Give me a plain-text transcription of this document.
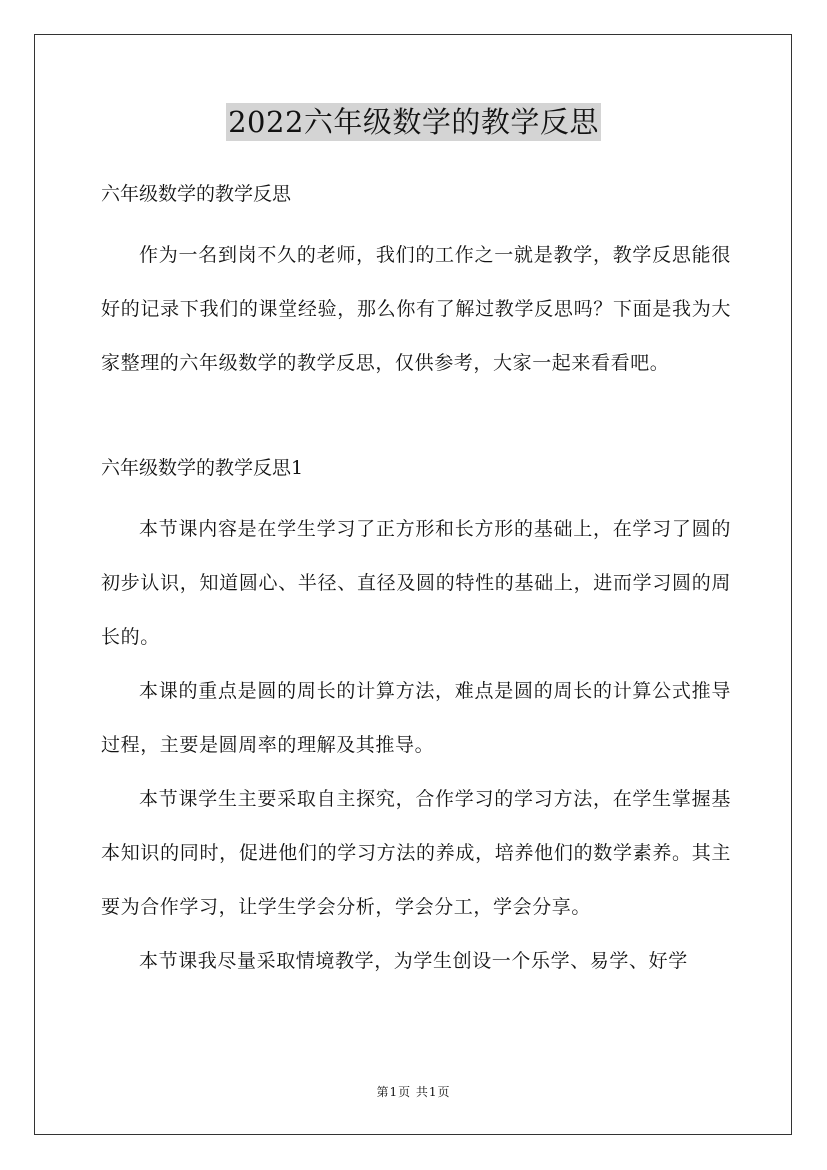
2022六年级数学的教学反思

六年级数学的教学反思

作为一名到岗不久的老师，我们的工作之一就是教学，教学反思能很好的记录下我们的课堂经验，那么你有了解过教学反思吗？下面是我为大家整理的六年级数学的教学反思，仅供参考，大家一起来看看吧。

六年级数学的教学反思1

本节课内容是在学生学习了正方形和长方形的基础上，在学习了圆的初步认识，知道圆心、半径、直径及圆的特性的基础上，进而学习圆的周长的。

本课的重点是圆的周长的计算方法，难点是圆的周长的计算公式推导过程，主要是圆周率的理解及其推导。

本节课学生主要采取自主探究，合作学习的学习方法，在学生掌握基本知识的同时，促进他们的学习方法的养成，培养他们的数学素养。其主要为合作学习，让学生学会分析，学会分工，学会分享。

本节课我尽量采取情境教学，为学生创设一个乐学、易学、好学

第1页 共1页
